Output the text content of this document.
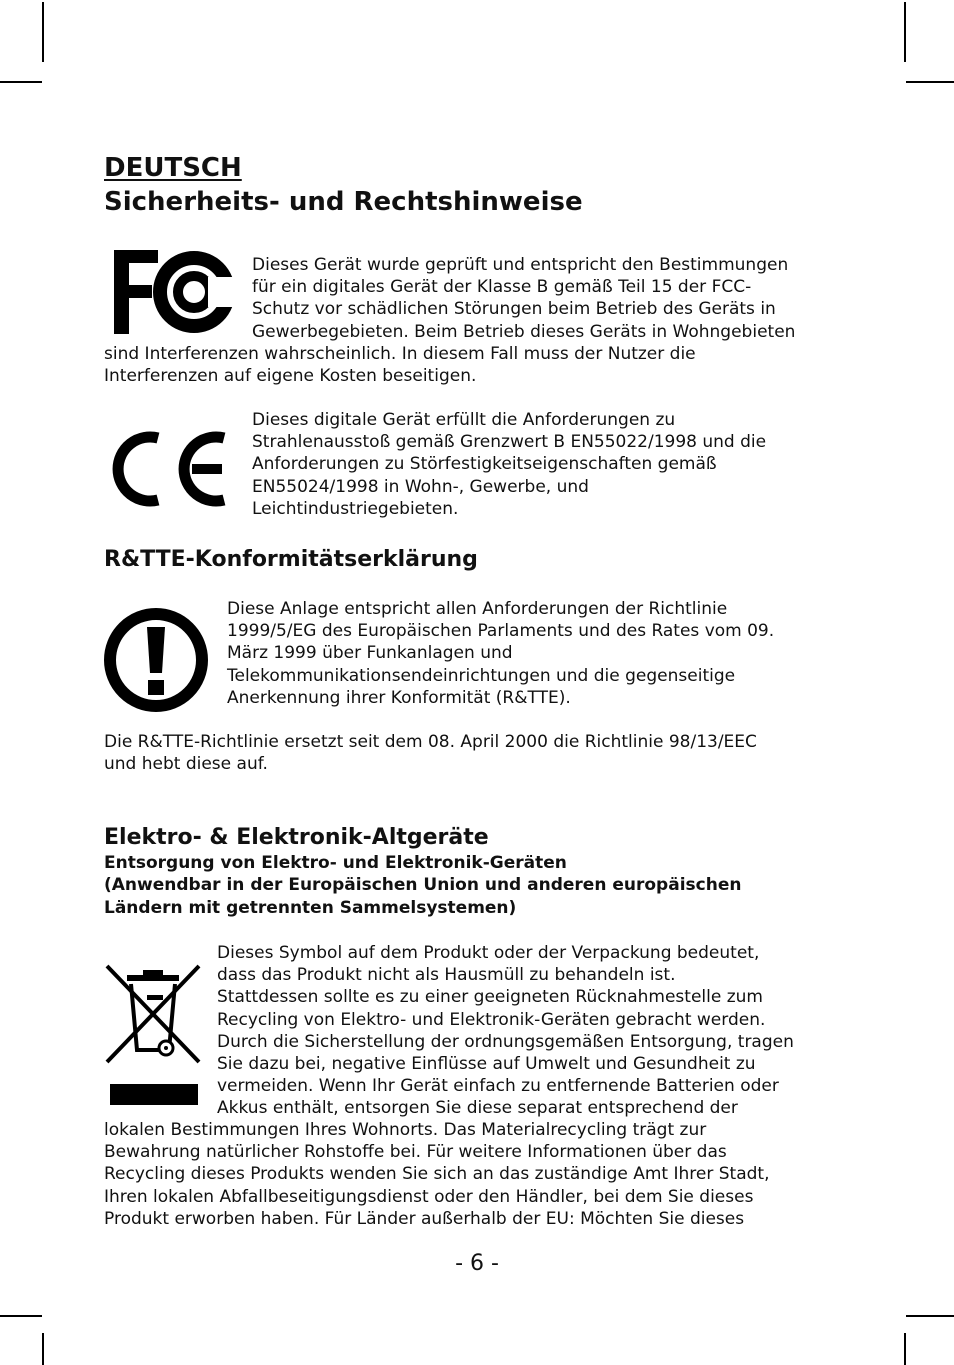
DEUTSCH
Sicherheits- und Rechtshinweise
Dieses Gerät wurde geprüft und entspricht den Bestimmungen
für ein digitales Gerät der Klasse B gemäß Teil 15 der FCC-
Schutz vor schädlichen Störungen beim Betrieb des Geräts in
Gewerbegebieten. Beim Betrieb dieses Geräts in Wohngebieten
sind Interferenzen wahrscheinlich. In diesem Fall muss der Nutzer die
Interferenzen auf eigene Kosten beseitigen.
Dieses digitale Gerät erfüllt die Anforderungen zu
Strahlenausstoß gemäß Grenzwert B EN55022/1998 und die
Anforderungen zu Störfestigkeitseigenschaften gemäß
EN55024/1998 in Wohn-, Gewerbe, und
Leichtindustriegebieten.
R&TTE-Konformitätserklärung
Diese Anlage entspricht allen Anforderungen der Richtlinie
1999/5/EG des Europäischen Parlaments und des Rates vom 09.
März 1999 über Funkanlagen und
Telekommunikationsendeinrichtungen und die gegenseitige
Anerkennung ihrer Konformität (R&TTE).
Die R&TTE-Richtlinie ersetzt seit dem 08. April 2000 die Richtlinie 98/13/EEC
und hebt diese auf.
Elektro- & Elektronik-Altgeräte
Entsorgung von Elektro- und Elektronik-Geräten
(Anwendbar in der Europäischen Union und anderen europäischen
Ländern mit getrennten Sammelsystemen)
Dieses Symbol auf dem Produkt oder der Verpackung bedeutet,
dass das Produkt nicht als Hausmüll zu behandeln ist.
Stattdessen sollte es zu einer geeigneten Rücknahmestelle zum
Recycling von Elektro- und Elektronik-Geräten gebracht werden.
Durch die Sicherstellung der ordnungsgemäßen Entsorgung, tragen
Sie dazu bei, negative Einflüsse auf Umwelt und Gesundheit zu
vermeiden. Wenn Ihr Gerät einfach zu entfernende Batterien oder
Akkus enthält, entsorgen Sie diese separat entsprechend der
lokalen Bestimmungen Ihres Wohnorts. Das Materialrecycling trägt zur
Bewahrung natürlicher Rohstoffe bei. Für weitere Informationen über das
Recycling dieses Produkts wenden Sie sich an das zuständige Amt Ihrer Stadt,
Ihren lokalen Abfallbeseitigungsdienst oder den Händler, bei dem Sie dieses
Produkt erworben haben. Für Länder außerhalb der EU: Möchten Sie dieses
- 6 -
